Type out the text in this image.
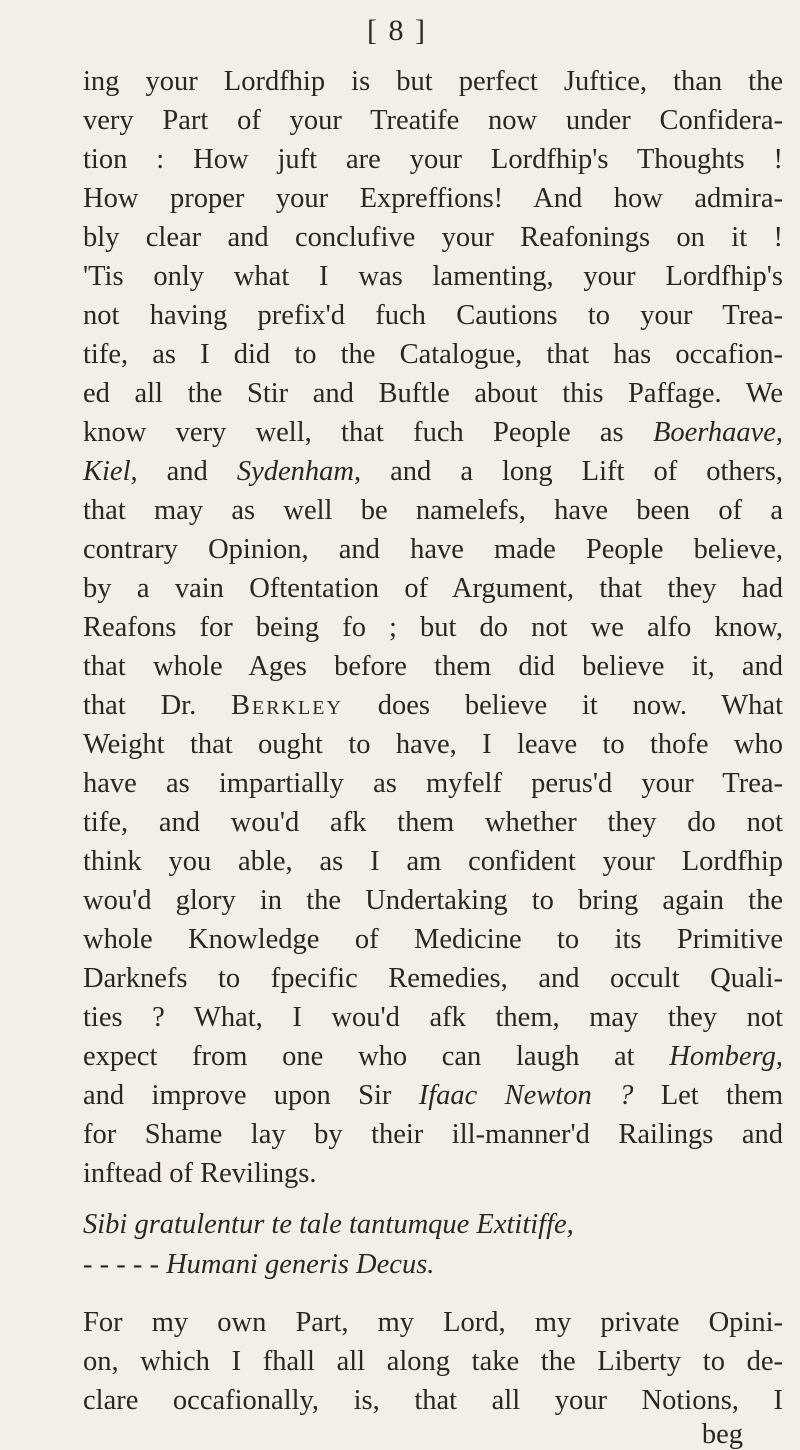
[ 8 ]
ing your Lordfhip is but perfect Juftice, than the
very Part of your Treatife now under Confidera-
tion : How juft are your Lordfhip's Thoughts !
How proper your Expreffions! And how admira-
bly clear and conclufive your Reafonings on it !
'Tis only what I was lamenting, your Lordfhip's
not having prefix'd fuch Cautions to your Trea-
tife, as I did to the Catalogue, that has occafion-
ed all the Stir and Buftle about this Paffage. We
know very well, that fuch People as Boerhaave,
Kiel, and Sydenham, and a long Lift of others,
that may as well be namelefs, have been of a
contrary Opinion, and have made People believe,
by a vain Oftentation of Argument, that they had
Reafons for being fo ; but do not we alfo know,
that whole Ages before them did believe it, and
that Dr. Berkley does believe it now. What
Weight that ought to have, I leave to thofe who
have as impartially as myfelf perus'd your Trea-
tife, and wou'd afk them whether they do not
think you able, as I am confident your Lordfhip
wou'd glory in the Undertaking to bring again the
whole Knowledge of Medicine to its Primitive
Darknefs to fpecific Remedies, and occult Quali-
ties ? What, I wou'd afk them, may they not
expect from one who can laugh at Homberg,
and improve upon Sir Ifaac Newton ? Let them
for Shame lay by their ill-manner'd Railings and
inftead of Revilings.
Sibi gratulentur te tale tantumque Extitiffe,
- - - - - Humani generis Decus.
For my own Part, my Lord, my private Opini-
on, which I fhall all along take the Liberty to de-
clare occafionally, is, that all your Notions, I
beg
